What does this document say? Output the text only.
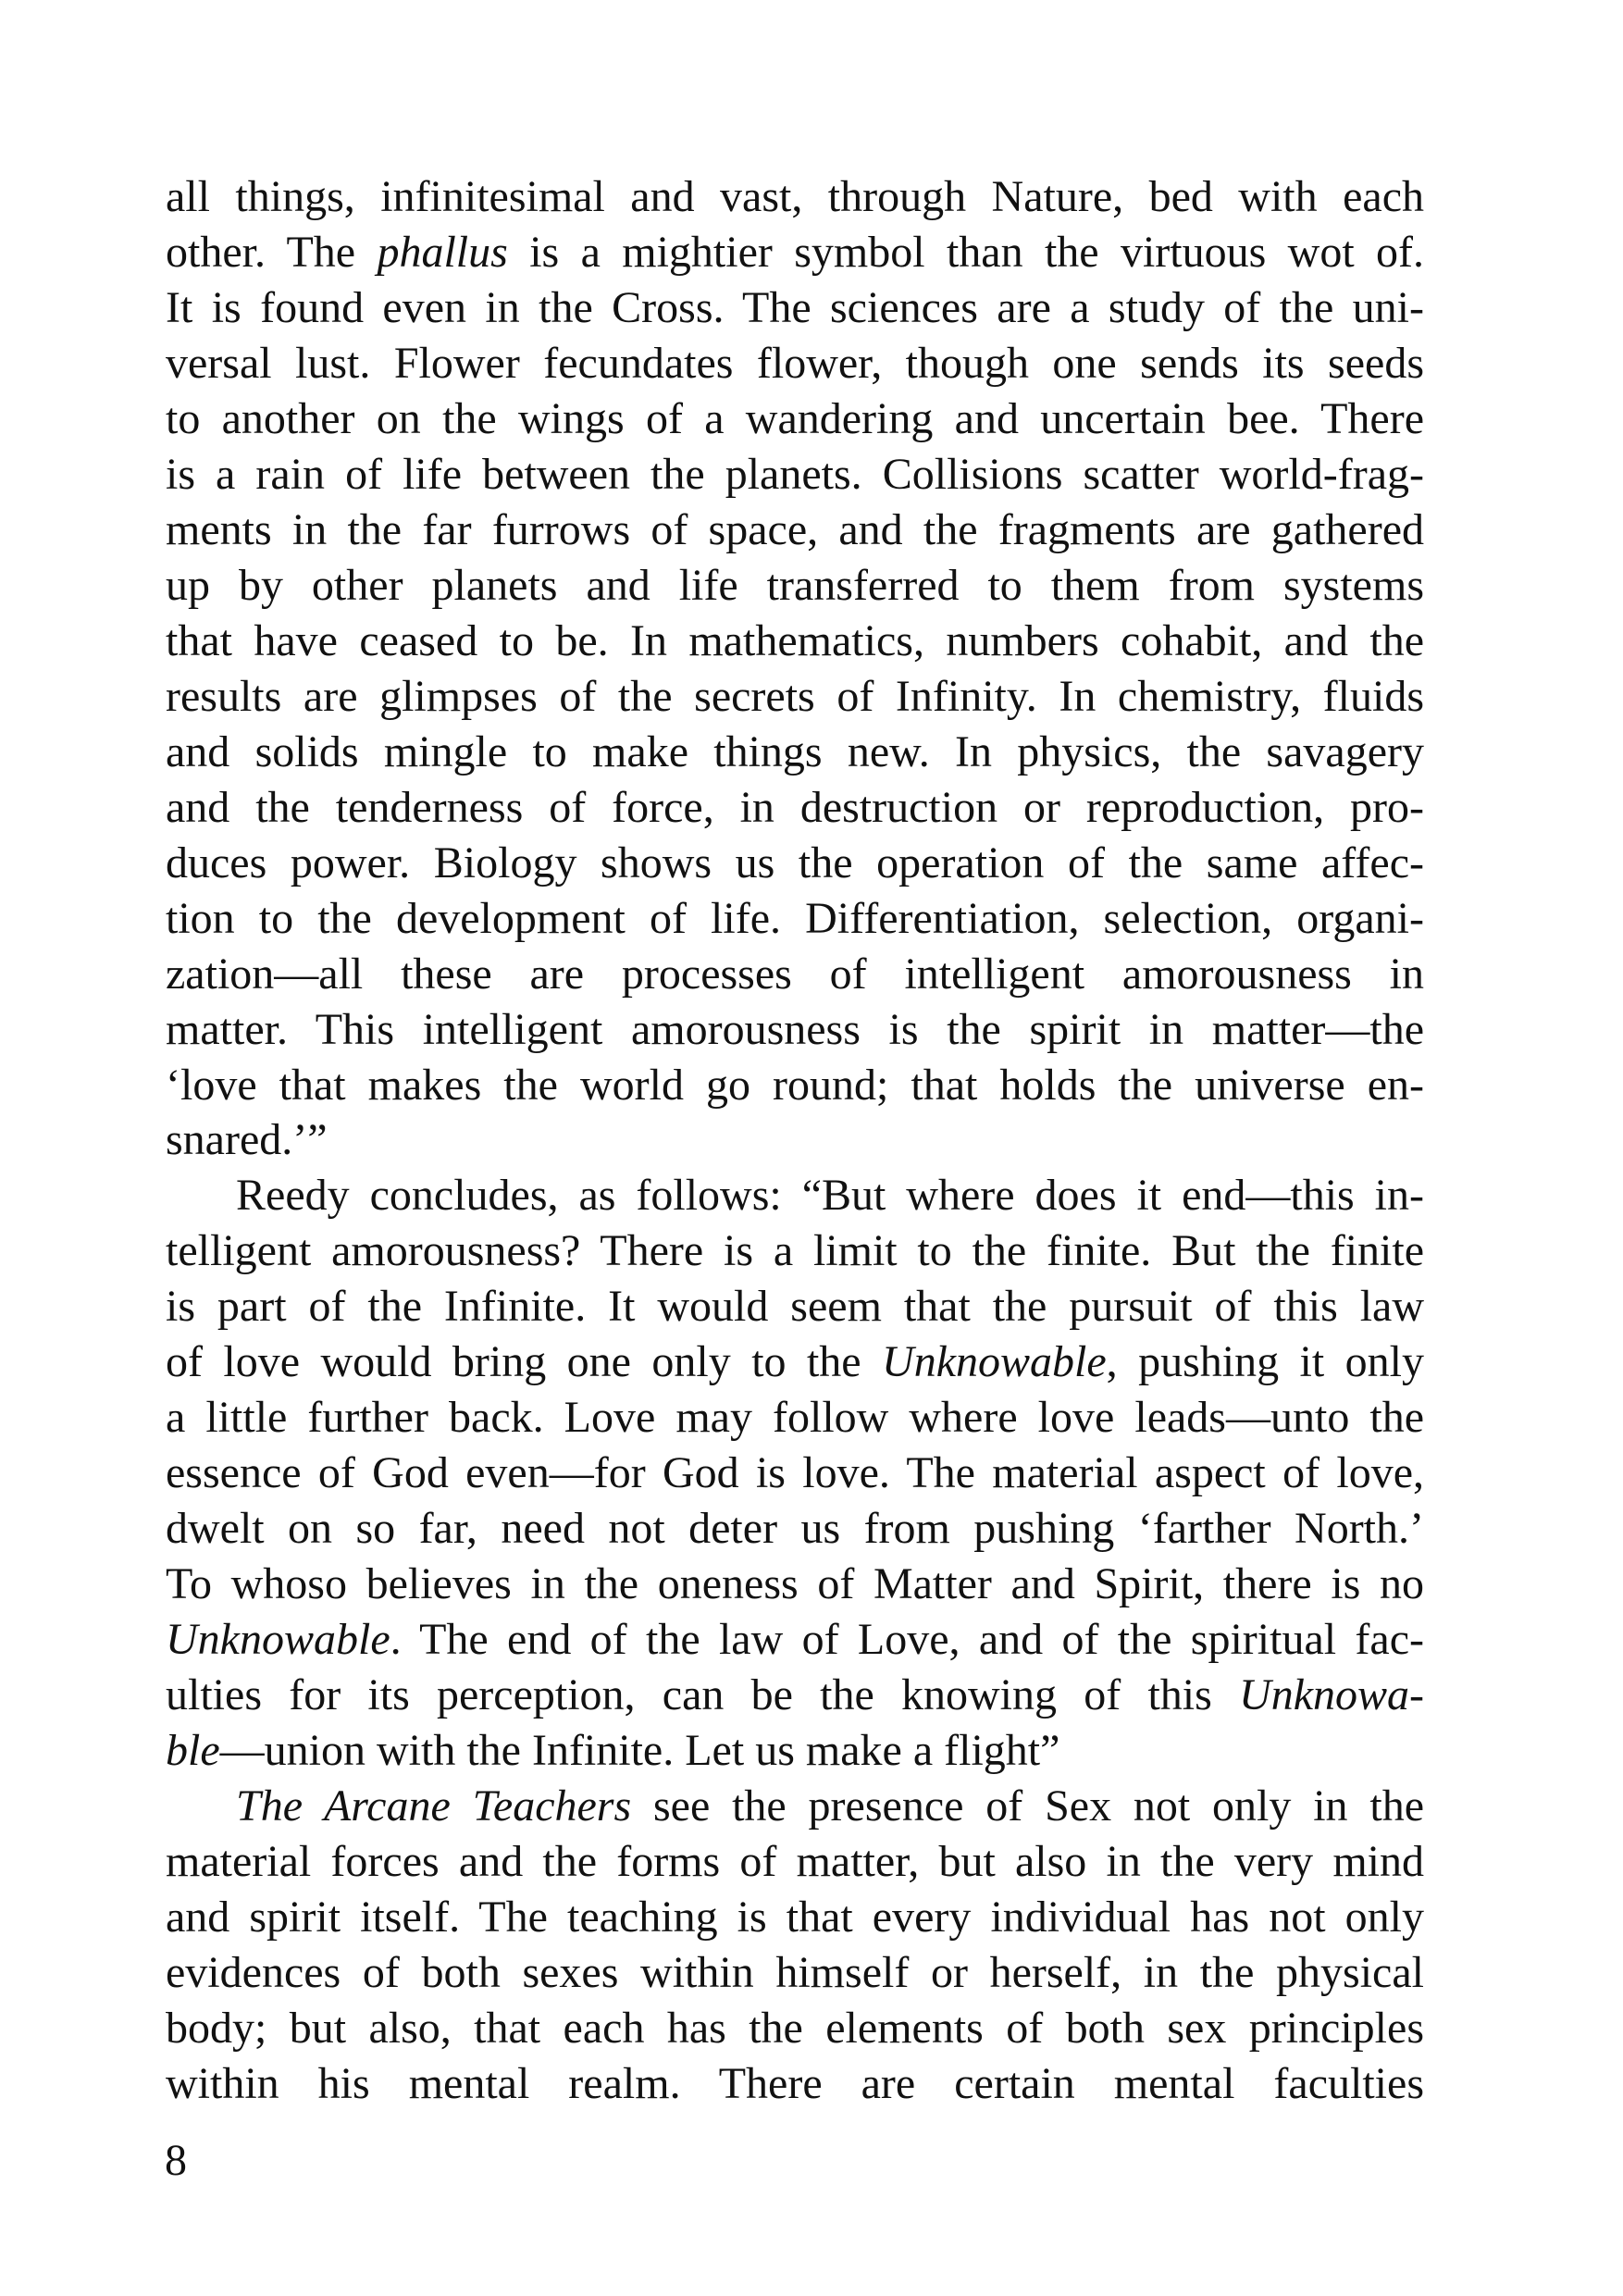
all things, infinitesimal and vast, through Nature, bed with each
other. The phallus is a mightier symbol than the virtuous wot of.
It is found even in the Cross. The sciences are a study of the uni-
versal lust. Flower fecundates flower, though one sends its seeds
to another on the wings of a wandering and uncertain bee. There
is a rain of life between the planets. Collisions scatter world-frag-
ments in the far furrows of space, and the fragments are gathered
up by other planets and life transferred to them from systems
that have ceased to be. In mathematics, numbers cohabit, and the
results are glimpses of the secrets of Infinity. In chemistry, fluids
and solids mingle to make things new. In physics, the savagery
and the tenderness of force, in destruction or reproduction, pro-
duces power. Biology shows us the operation of the same affec-
tion to the development of life. Differentiation, selection, organi-
zation—all these are processes of intelligent amorousness in
matter. This intelligent amorousness is the spirit in matter—the
‘love that makes the world go round; that holds the universe en-
snared.’”
Reedy concludes, as follows: “But where does it end—this in-
telligent amorousness? There is a limit to the finite. But the finite
is part of the Infinite. It would seem that the pursuit of this law
of love would bring one only to the Unknowable, pushing it only
a little further back. Love may follow where love leads—unto the
essence of God even—for God is love. The material aspect of love,
dwelt on so far, need not deter us from pushing ‘farther North.’
To whoso believes in the oneness of Matter and Spirit, there is no
Unknowable. The end of the law of Love, and of the spiritual fac-
ulties for its perception, can be the knowing of this Unknowa-
ble—union with the Infinite. Let us make a flight”
The Arcane Teachers see the presence of Sex not only in the
material forces and the forms of matter, but also in the very mind
and spirit itself. The teaching is that every individual has not only
evidences of both sexes within himself or herself, in the physical
body; but also, that each has the elements of both sex principles
within his mental realm. There are certain mental faculties
8
